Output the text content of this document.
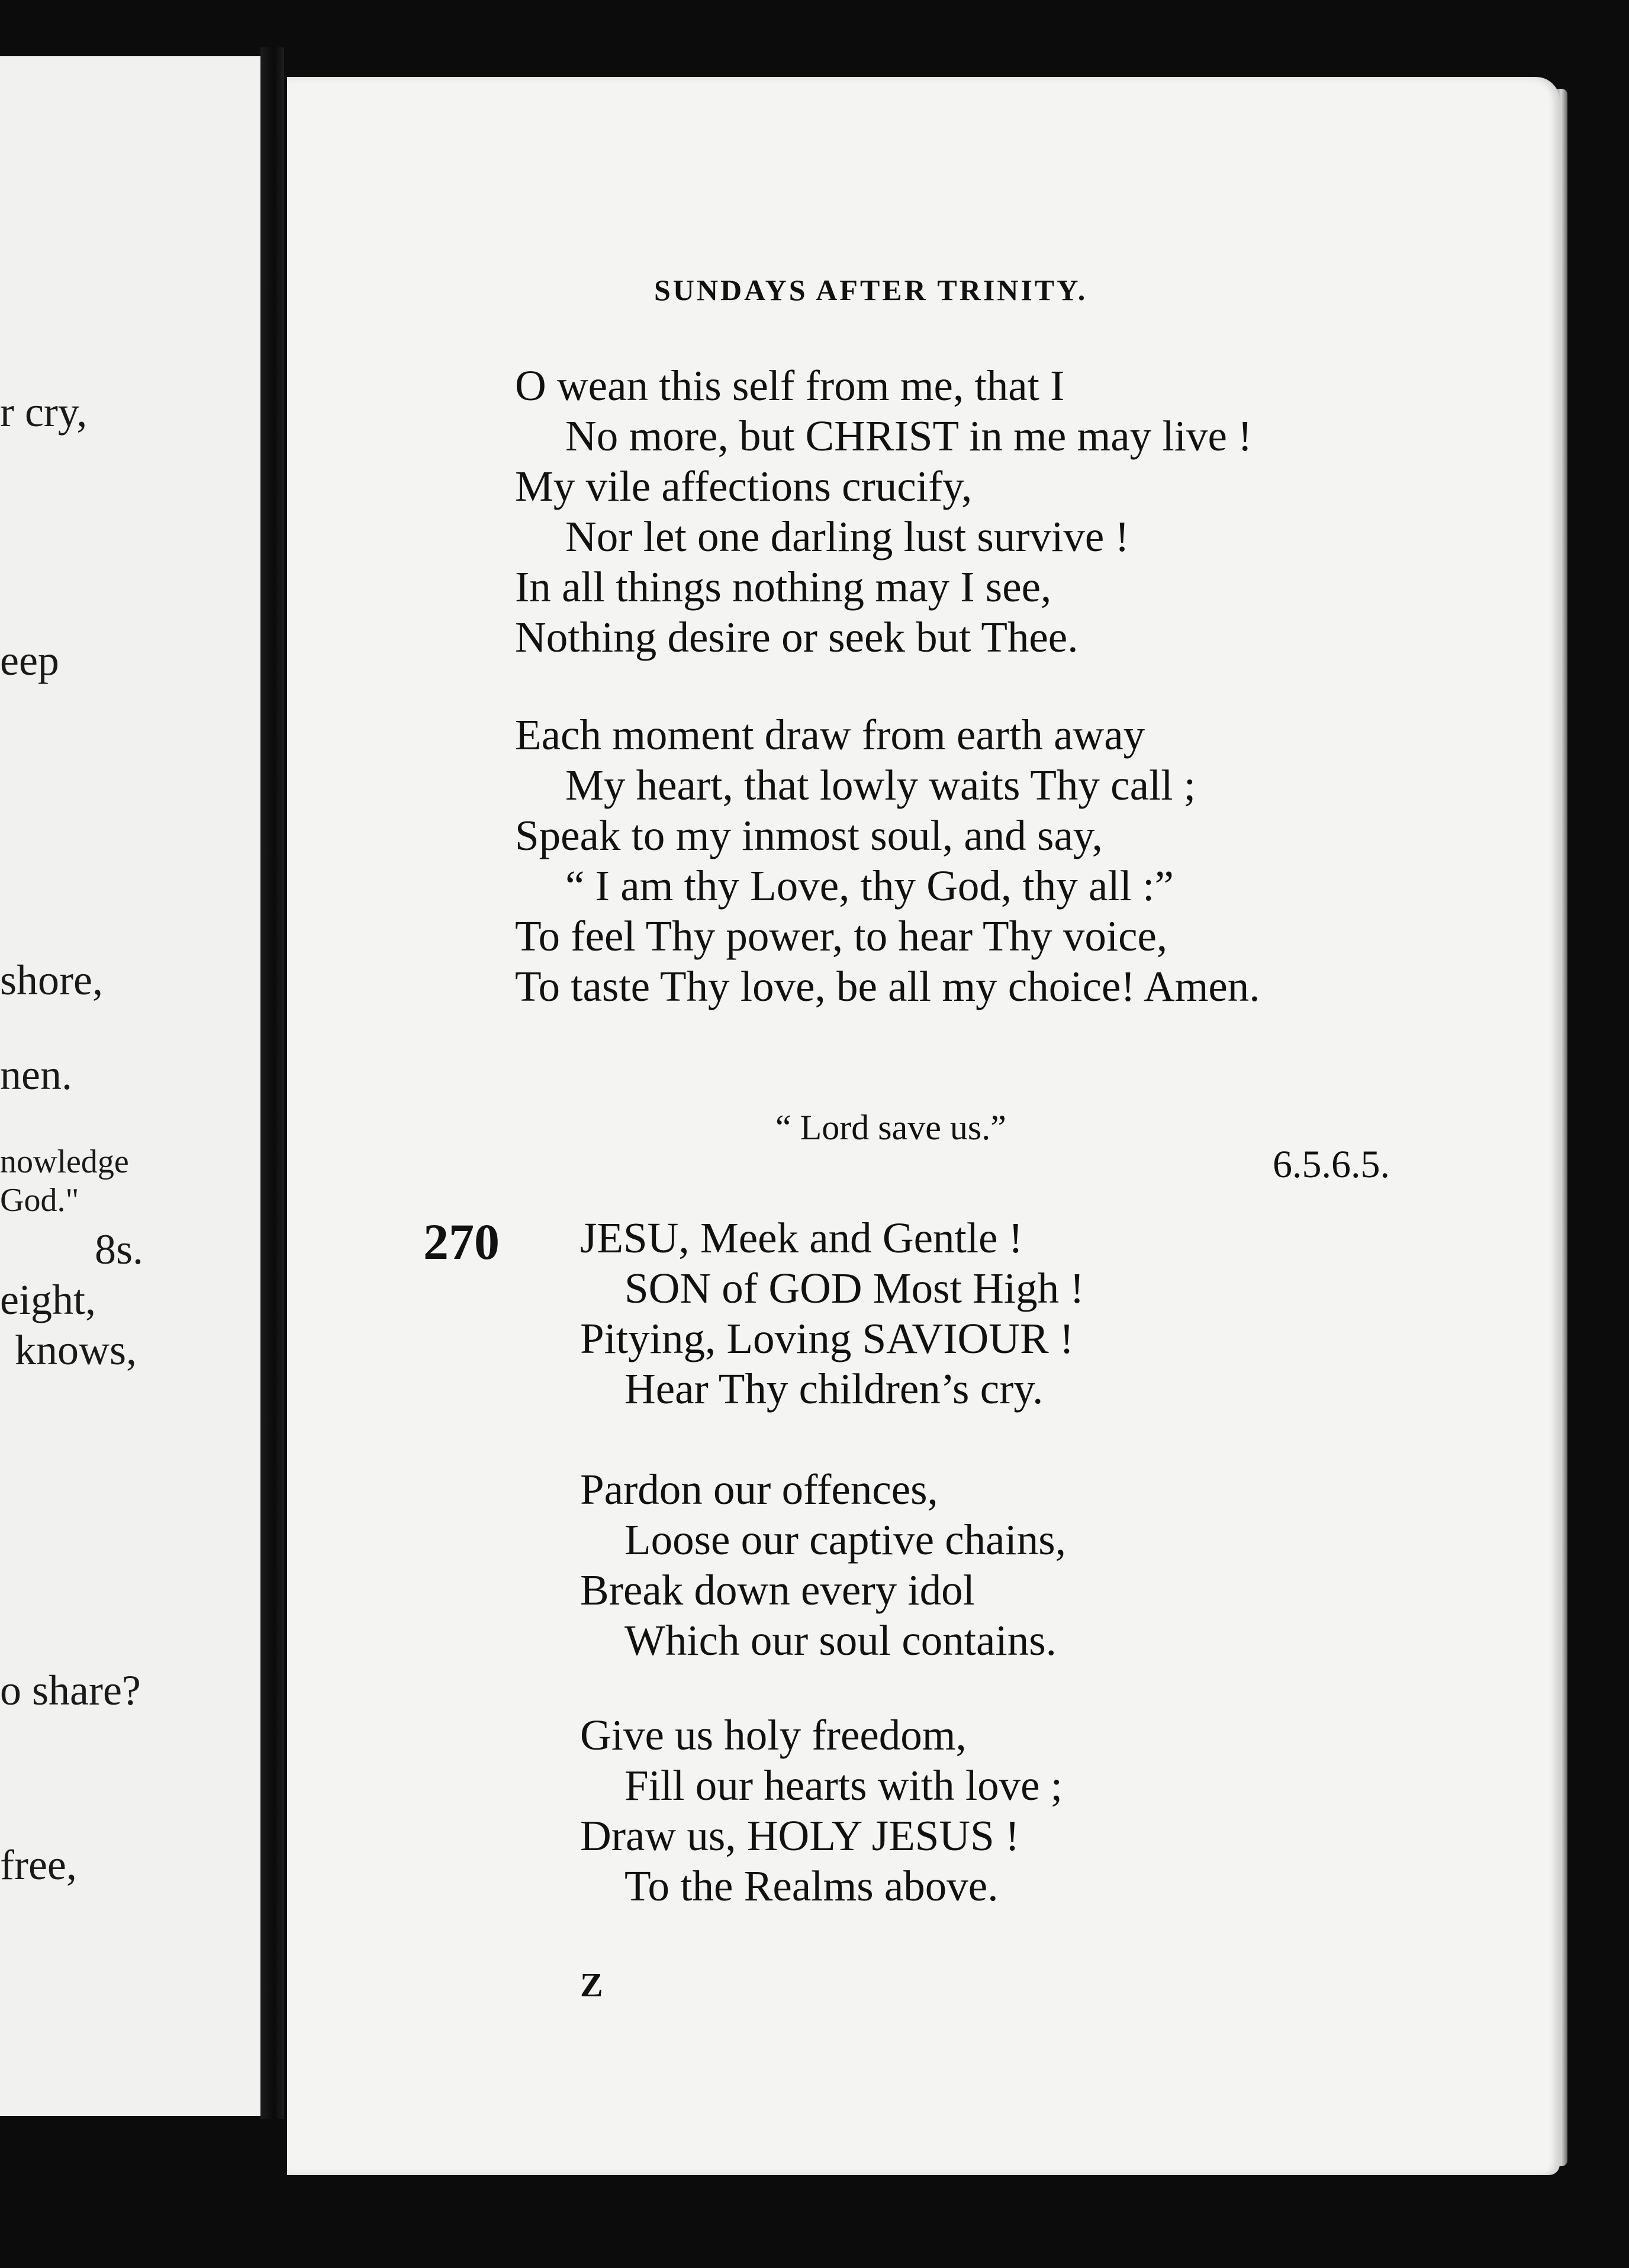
r cry,
eep
shore,
nen.
nowledge
God."
8s.
eight,
knows,
o share?
free,
SUNDAYS AFTER TRINITY.
O wean this self from me, that I
No more, but CHRIST in me may live !
My vile affections crucify,
Nor let one darling lust survive !
In all things nothing may I see,
Nothing desire or seek but Thee.
Each moment draw from earth away
My heart, that lowly waits Thy call ;
Speak to my inmost soul, and say,
“ I am thy Love, thy God, thy all :”
To feel Thy power, to hear Thy voice,
To taste Thy love, be all my choice! Amen.
“ Lord save us.”
6.5.6.5.
270 JESU, Meek and Gentle !
SON of GOD Most High !
Pitying, Loving SAVIOUR !
Hear Thy children’s cry.
Pardon our offences,
Loose our captive chains,
Break down every idol
Which our soul contains.
Give us holy freedom,
Fill our hearts with love ;
Draw us, HOLY JESUS !
To the Realms above.
Z
